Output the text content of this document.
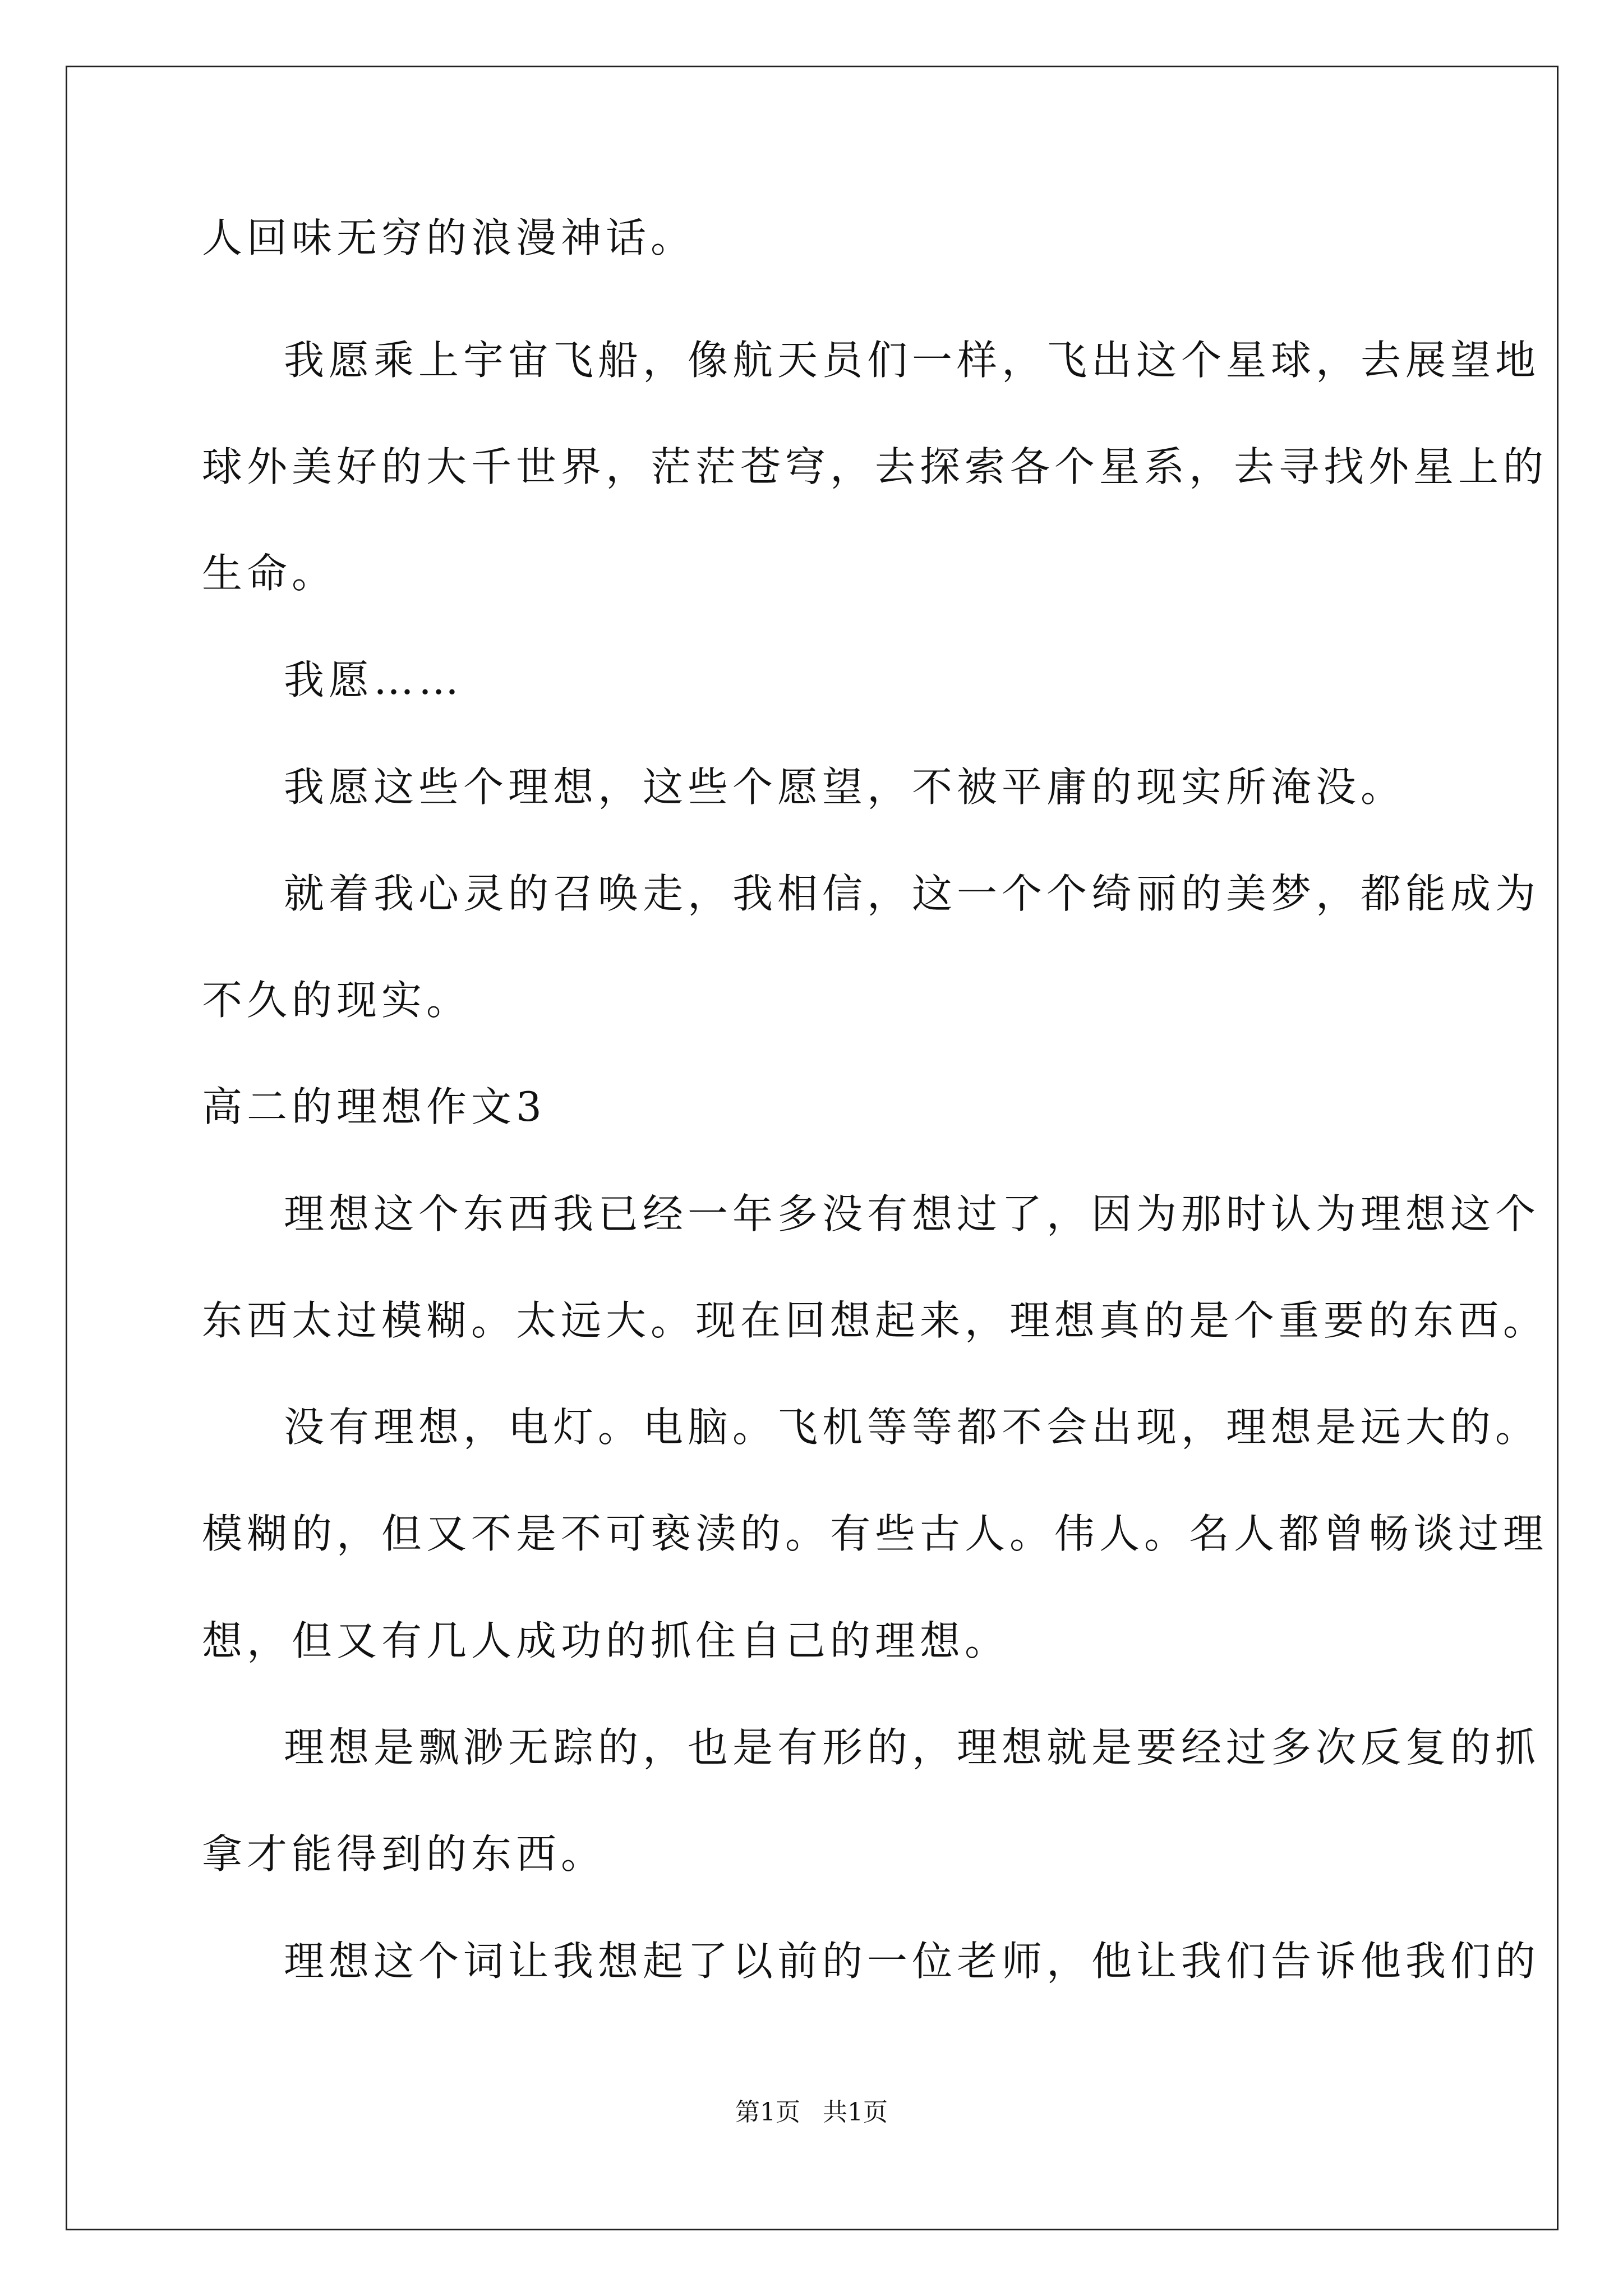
人回味无穷的浪漫神话。
我愿乘上宇宙飞船，像航天员们一样，飞出这个星球，去展望地
球外美好的大千世界，茫茫苍穹，去探索各个星系，去寻找外星上的
生命。
我愿……
我愿这些个理想，这些个愿望，不被平庸的现实所淹没。
就着我心灵的召唤走，我相信，这一个个绮丽的美梦，都能成为
不久的现实。
高二的理想作文3
理想这个东西我已经一年多没有想过了，因为那时认为理想这个
东西太过模糊。太远大。现在回想起来，理想真的是个重要的东西。
没有理想，电灯。电脑。飞机等等都不会出现，理想是远大的。
模糊的，但又不是不可亵渎的。有些古人。伟人。名人都曾畅谈过理
想，但又有几人成功的抓住自己的理想。
理想是飘渺无踪的，也是有形的，理想就是要经过多次反复的抓
拿才能得到的东西。
理想这个词让我想起了以前的一位老师，他让我们告诉他我们的
第1页 共1页
